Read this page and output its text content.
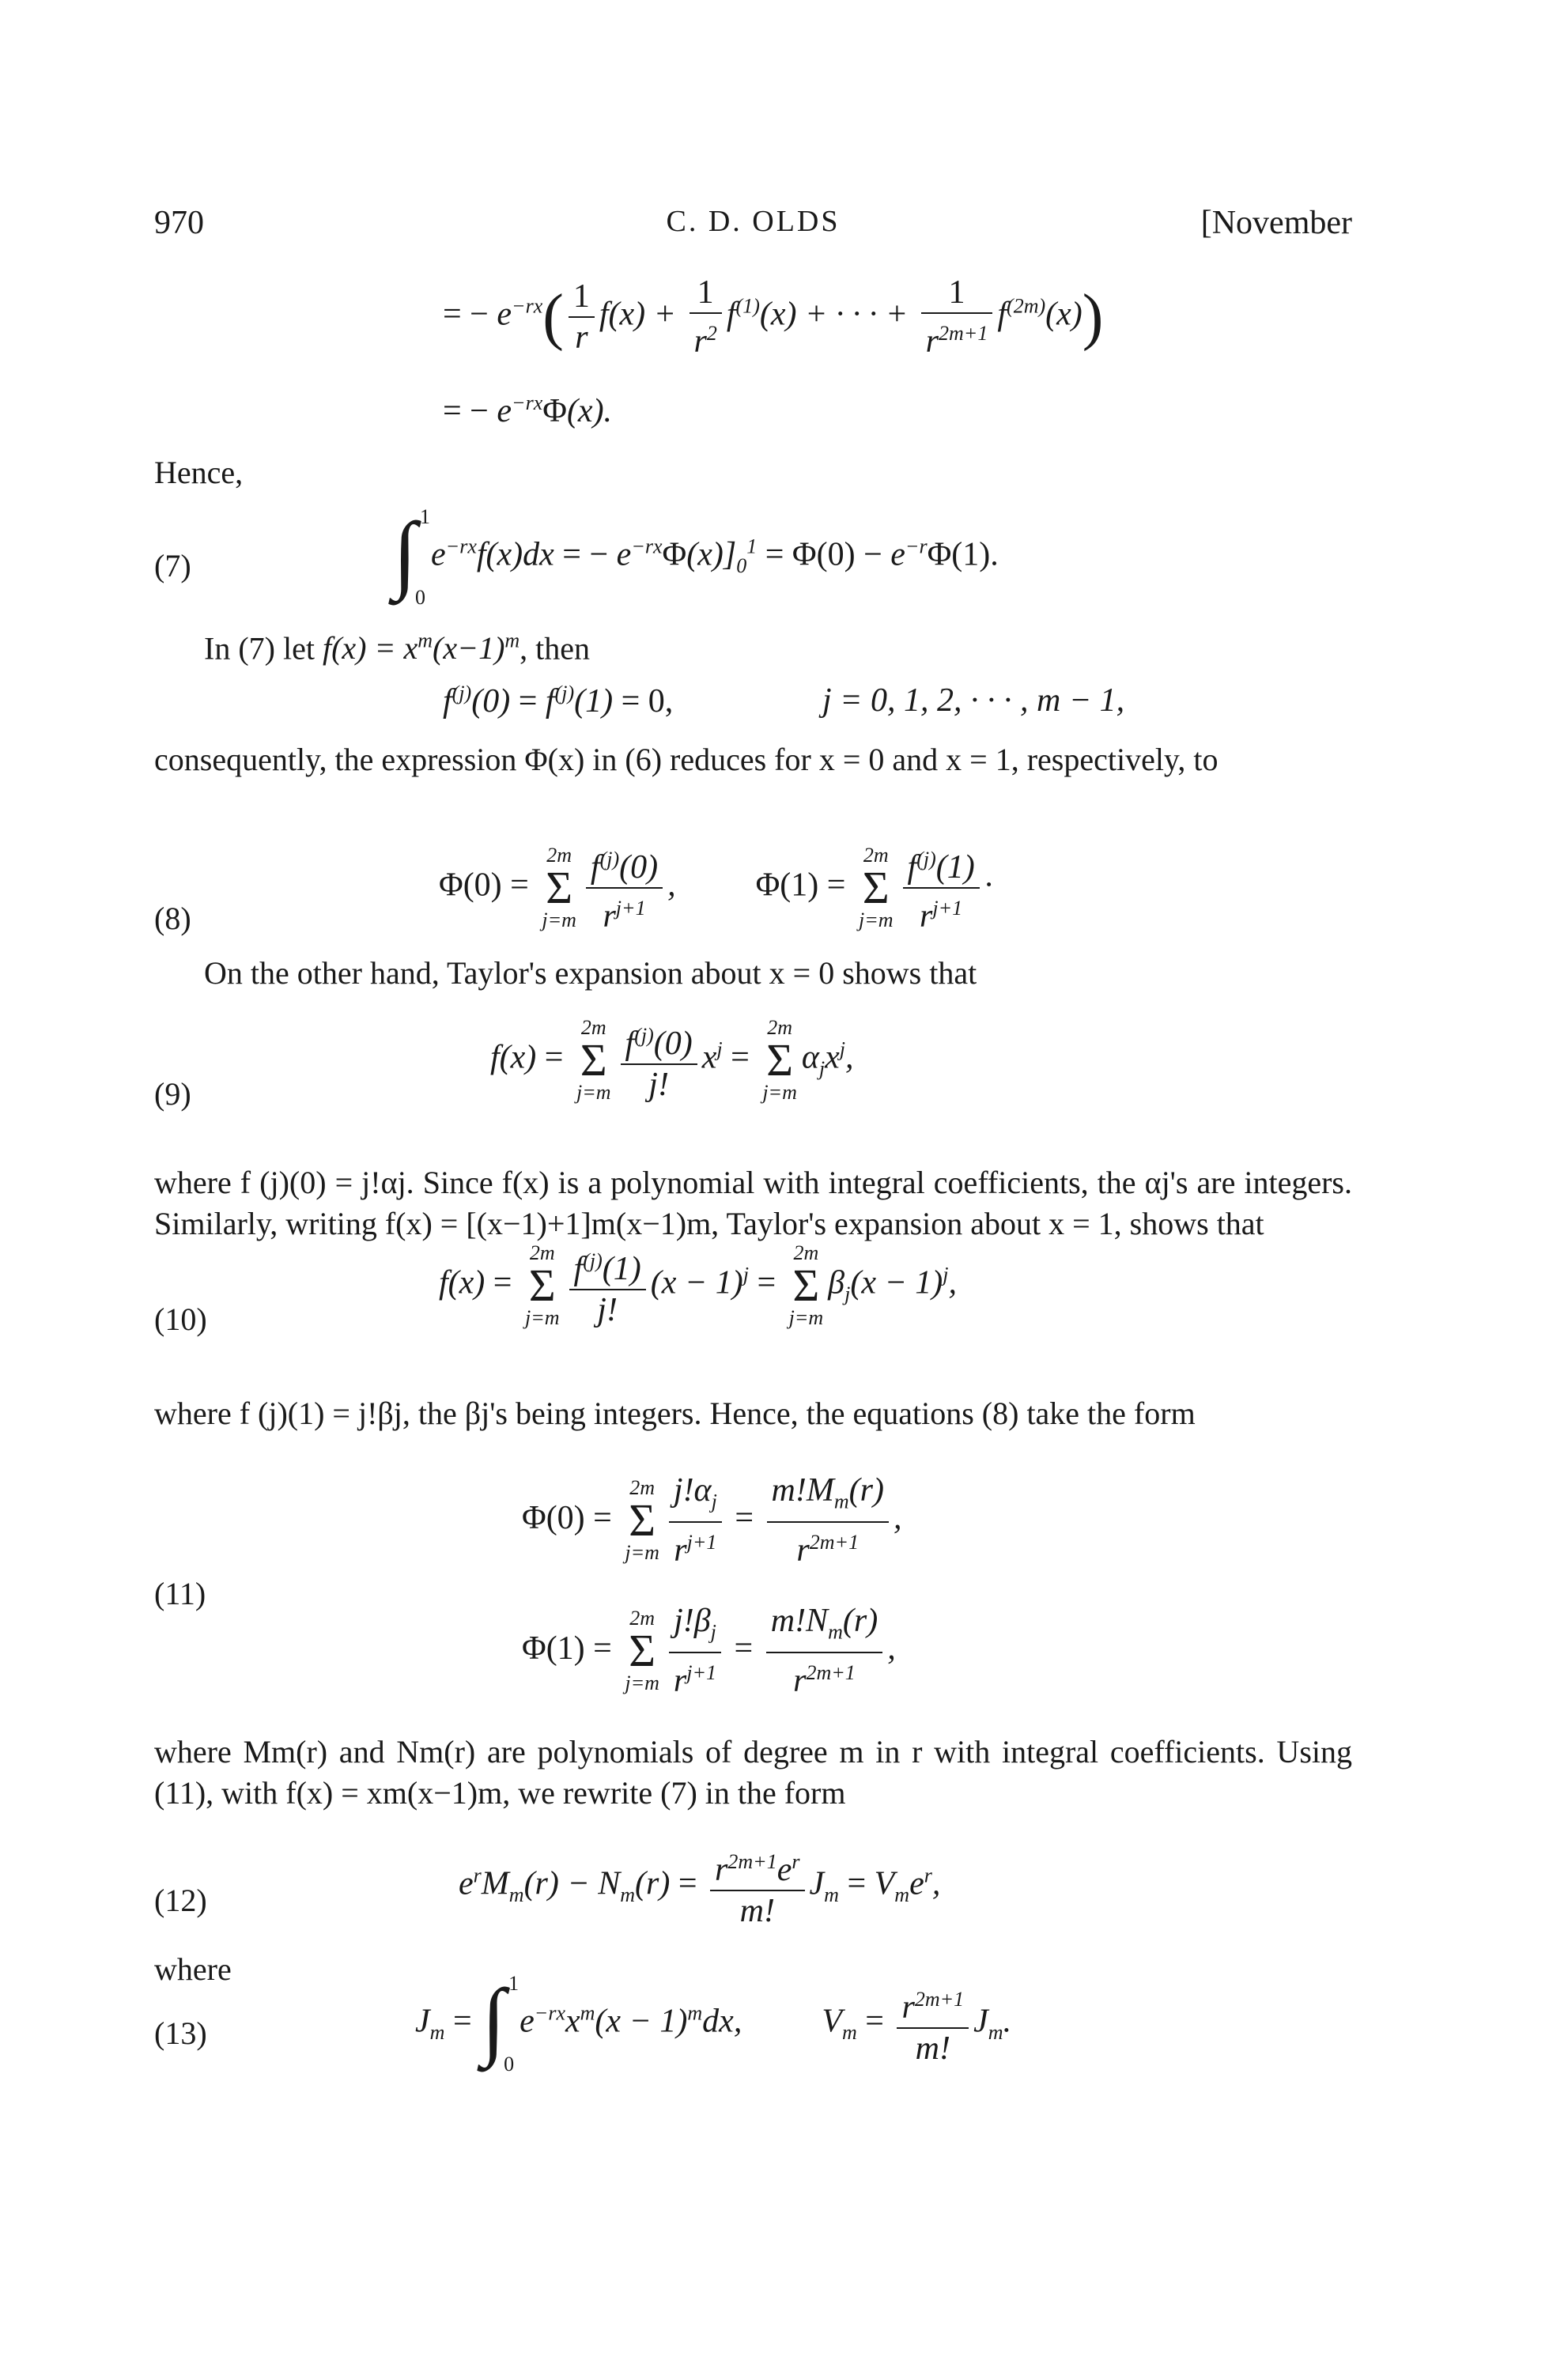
970	C. D. OLDS	[November
= − $e^{-rx}( \frac{1}{r} f(x) + \frac{1}{r^2} f^{(1)}(x)$ + · · · + $\frac{1}{r^{2m+1}} f^{(2m)}(x)$)
= − $e^{-rx}\Phi(x)$.
Hence,
(7) ∫ 1
0
$e^{-rx}f(x)dx$ = − $e^{-rx}\Phi(x)]_0^1 = \Phi(0) - e^{-r}\Phi(1)$.
In (7) let $f(x) = x^m(x-1)^m$, then
$f^{(j)}(0) = f^{(j)}(1) = 0$,	j = 0, 1, 2, · · · , m − 1,
consequently, the expression Φ(x) in (6) reduces for x = 0 and x = 1, respectively, to
(8)
Φ(0) =
2m
Σ
$j=m \frac{f^{(j)}(0)}{r^{j+1}}$ ,  Φ(1) =
2m
Σ
$j=m \frac{f^{(j)}(1)}{r^{j+1}}$ ·
On the other hand, Taylor's expansion about x = 0 shows that
(9)
f(x) =
2m
Σ
$j=m \frac{f^{(j)}(0)}{j!} x^j$ =
2m
Σ
j=m
$\alpha_jx^j$,
where f (j)(0) = j!αj. Since f(x) is a polynomial with integral coefficients, the αj's are integers. Similarly, writing f(x) = [(x−1)+1]m(x−1)m, Taylor's expansion about x = 1, shows that
(10)
f(x) =
2m
Σ
$j=m \frac{f^{(j)}(1)}{j!} (x - 1)^j$ =
2m
Σ
j=m
$\beta_j(x - 1)^j$,
where f (j)(1) = j!βj, the βj's being integers. Hence, the equations (8) take the form
(11)
Φ(0) =
2m
Σ
$j=m \frac{j!\alpha_j}{r^{j+1}} = \frac{m!M_m(r)}{r^{2m+1}}$ ,
Φ(1) =
2m
Σ
$j=m \frac{j!\beta_j}{r^{j+1}} = \frac{m!N_m(r)}{r^{2m+1}}$ ,
where Mm(r) and Nm(r) are polynomials of degree m in r with integral coefficients. Using (11), with f(x) = xm(x−1)m, we rewrite (7) in the form
(12)	$e^rM_m(r) - N_m(r) = \frac{r^{2m+1}e^r}{m!} J_m = V_me^r$,
where
(13)	$J_m$ = ∫ 1
0
$e^{-rx}x^m(x - 1)^mdx$,  $V_m = \frac{r^{2m+1}}{m!} J_m$.
